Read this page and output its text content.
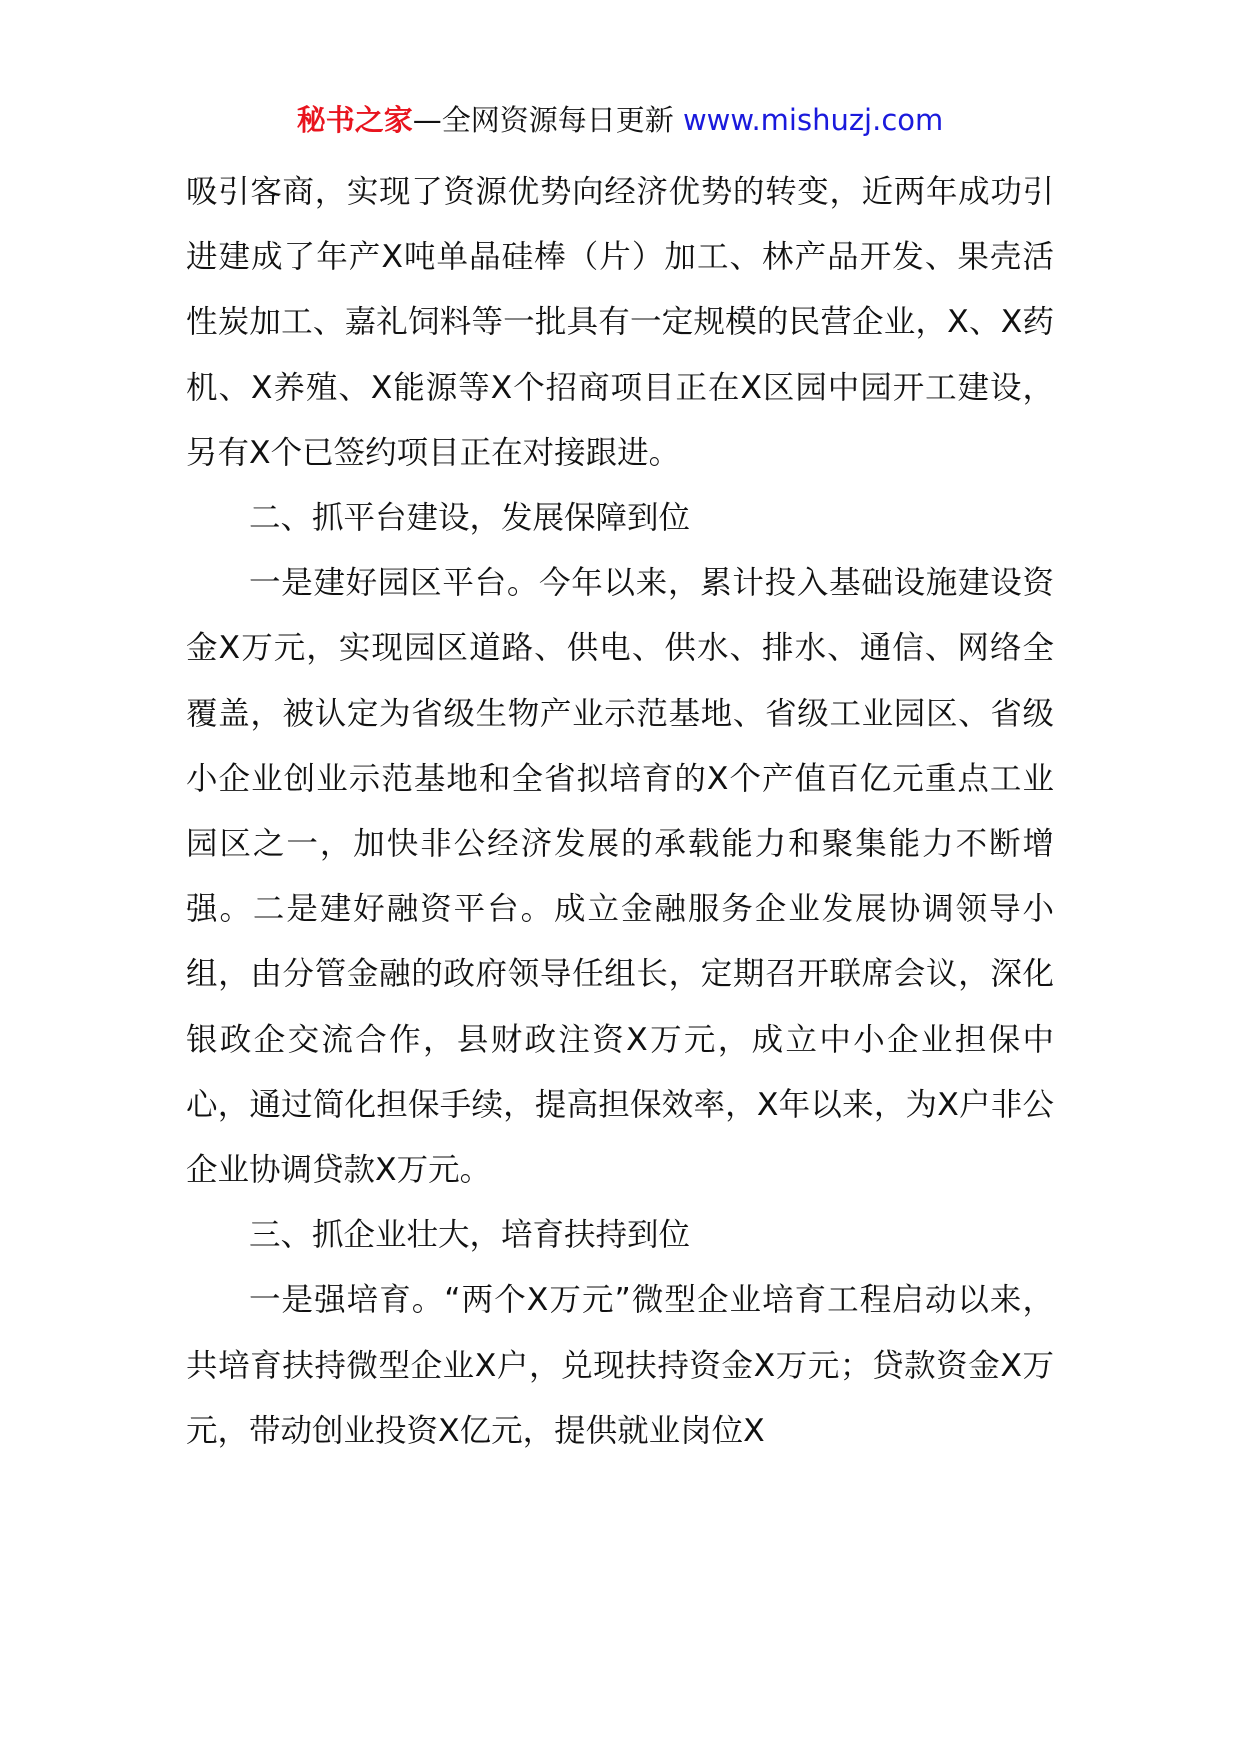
秘书之家—全网资源每日更新 www.mishuzj.com

吸引客商，实现了资源优势向经济优势的转变，近两年成功引进建成了年产X吨单晶硅棒（片）加工、林产品开发、果壳活性炭加工、嘉礼饲料等一批具有一定规模的民营企业，X、X药机、X养殖、X能源等X个招商项目正在X区园中园开工建设，另有X个已签约项目正在对接跟进。

二、抓平台建设，发展保障到位

一是建好园区平台。今年以来，累计投入基础设施建设资金X万元，实现园区道路、供电、供水、排水、通信、网络全覆盖，被认定为省级生物产业示范基地、省级工业园区、省级小企业创业示范基地和全省拟培育的X个产值百亿元重点工业园区之一，加快非公经济发展的承载能力和聚集能力不断增强。二是建好融资平台。成立金融服务企业发展协调领导小组，由分管金融的政府领导任组长，定期召开联席会议，深化银政企交流合作，县财政注资X万元，成立中小企业担保中心，通过简化担保手续，提高担保效率，X年以来，为X户非公企业协调贷款X万元。

三、抓企业壮大，培育扶持到位

一是强培育。“两个X万元”微型企业培育工程启动以来，共培育扶持微型企业X户，兑现扶持资金X万元；贷款资金X万元，带动创业投资X亿元，提供就业岗位X
